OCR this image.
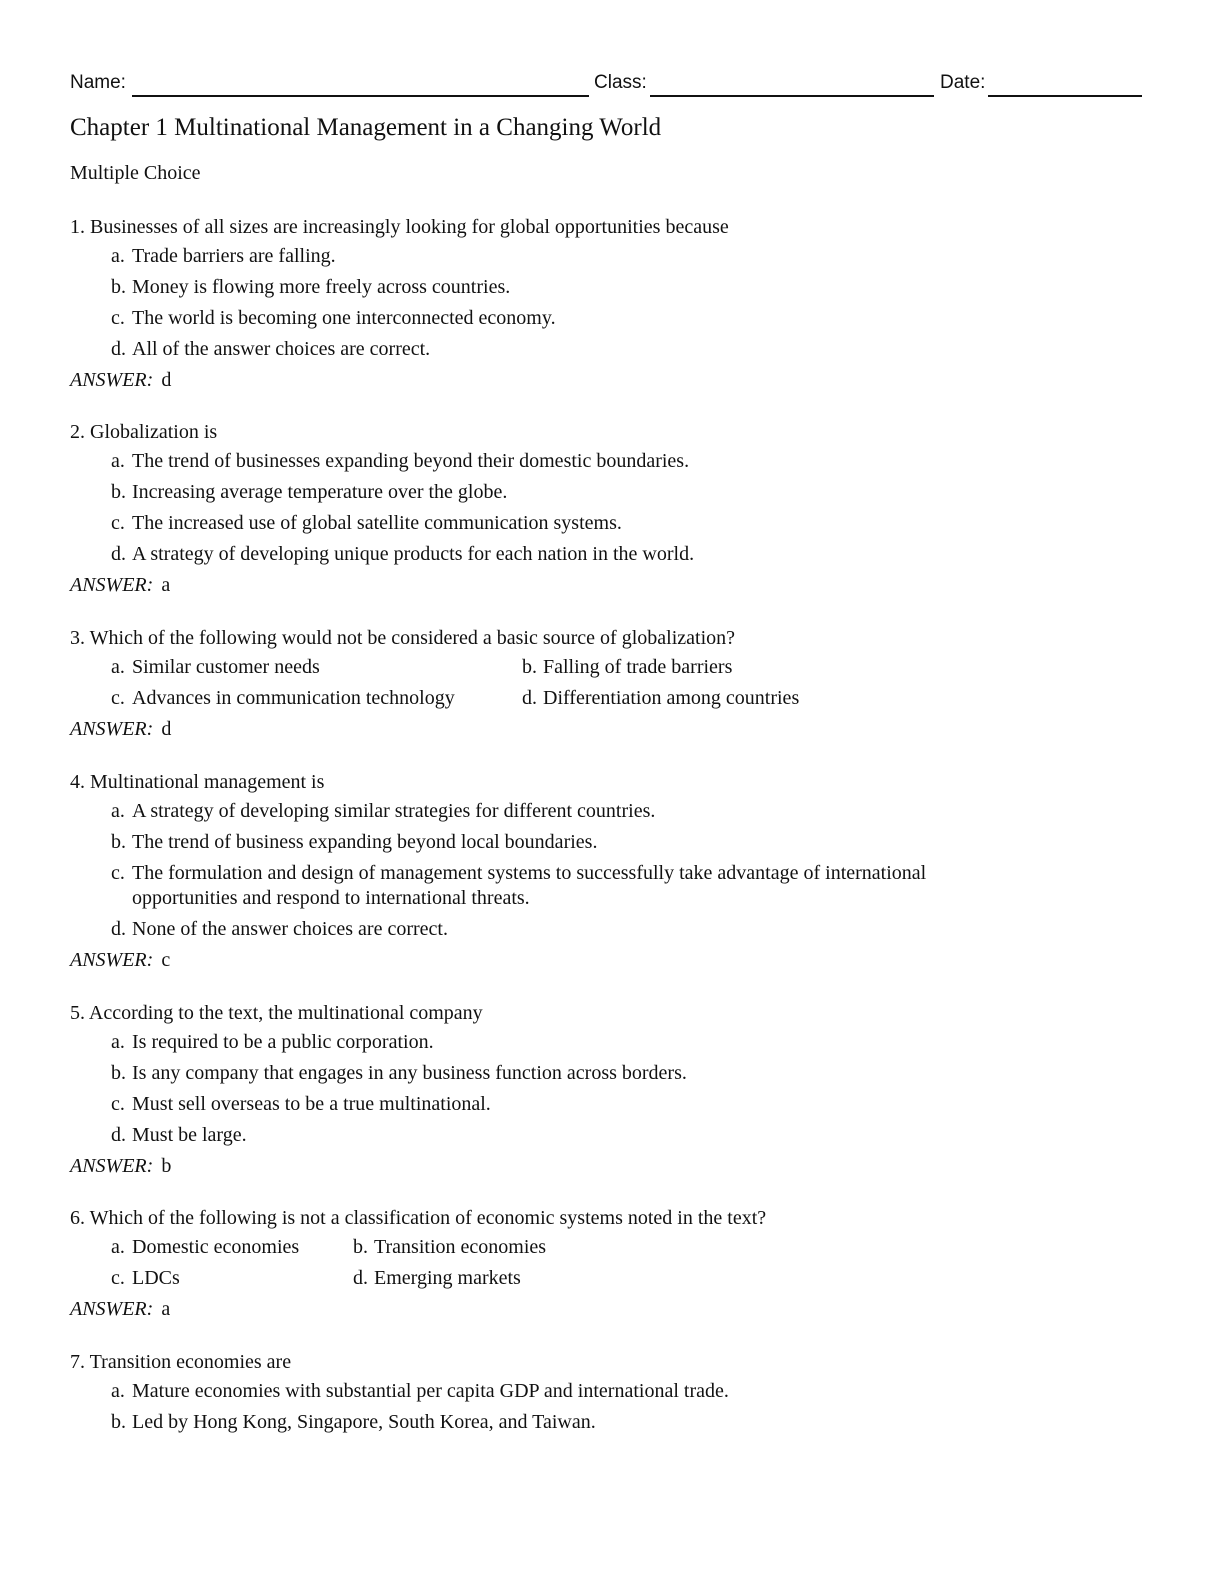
Name:	Class:	Date:
Chapter 1 Multinational Management in a Changing World
Multiple Choice
1. Businesses of all sizes are increasingly looking for global opportunities because
a. Trade barriers are falling.
b. Money is flowing more freely across countries.
c. The world is becoming one interconnected economy.
d. All of the answer choices are correct.
ANSWER: d
2. Globalization is
a. The trend of businesses expanding beyond their domestic boundaries.
b. Increasing average temperature over the globe.
c. The increased use of global satellite communication systems.
d. A strategy of developing unique products for each nation in the world.
ANSWER: a
3. Which of the following would not be considered a basic source of globalization?
a. Similar customer needs	b. Falling of trade barriers
c. Advances in communication technology	d. Differentiation among countries
ANSWER: d
4. Multinational management is
a. A strategy of developing similar strategies for different countries.
b. The trend of business expanding beyond local boundaries.
c. The formulation and design of management systems to successfully take advantage of international opportunities and respond to international threats.
d. None of the answer choices are correct.
ANSWER: c
5. According to the text, the multinational company
a. Is required to be a public corporation.
b. Is any company that engages in any business function across borders.
c. Must sell overseas to be a true multinational.
d. Must be large.
ANSWER: b
6. Which of the following is not a classification of economic systems noted in the text?
a. Domestic economies	b. Transition economies
c. LDCs	d. Emerging markets
ANSWER: a
7. Transition economies are
a. Mature economies with substantial per capita GDP and international trade.
b. Led by Hong Kong, Singapore, South Korea, and Taiwan.
